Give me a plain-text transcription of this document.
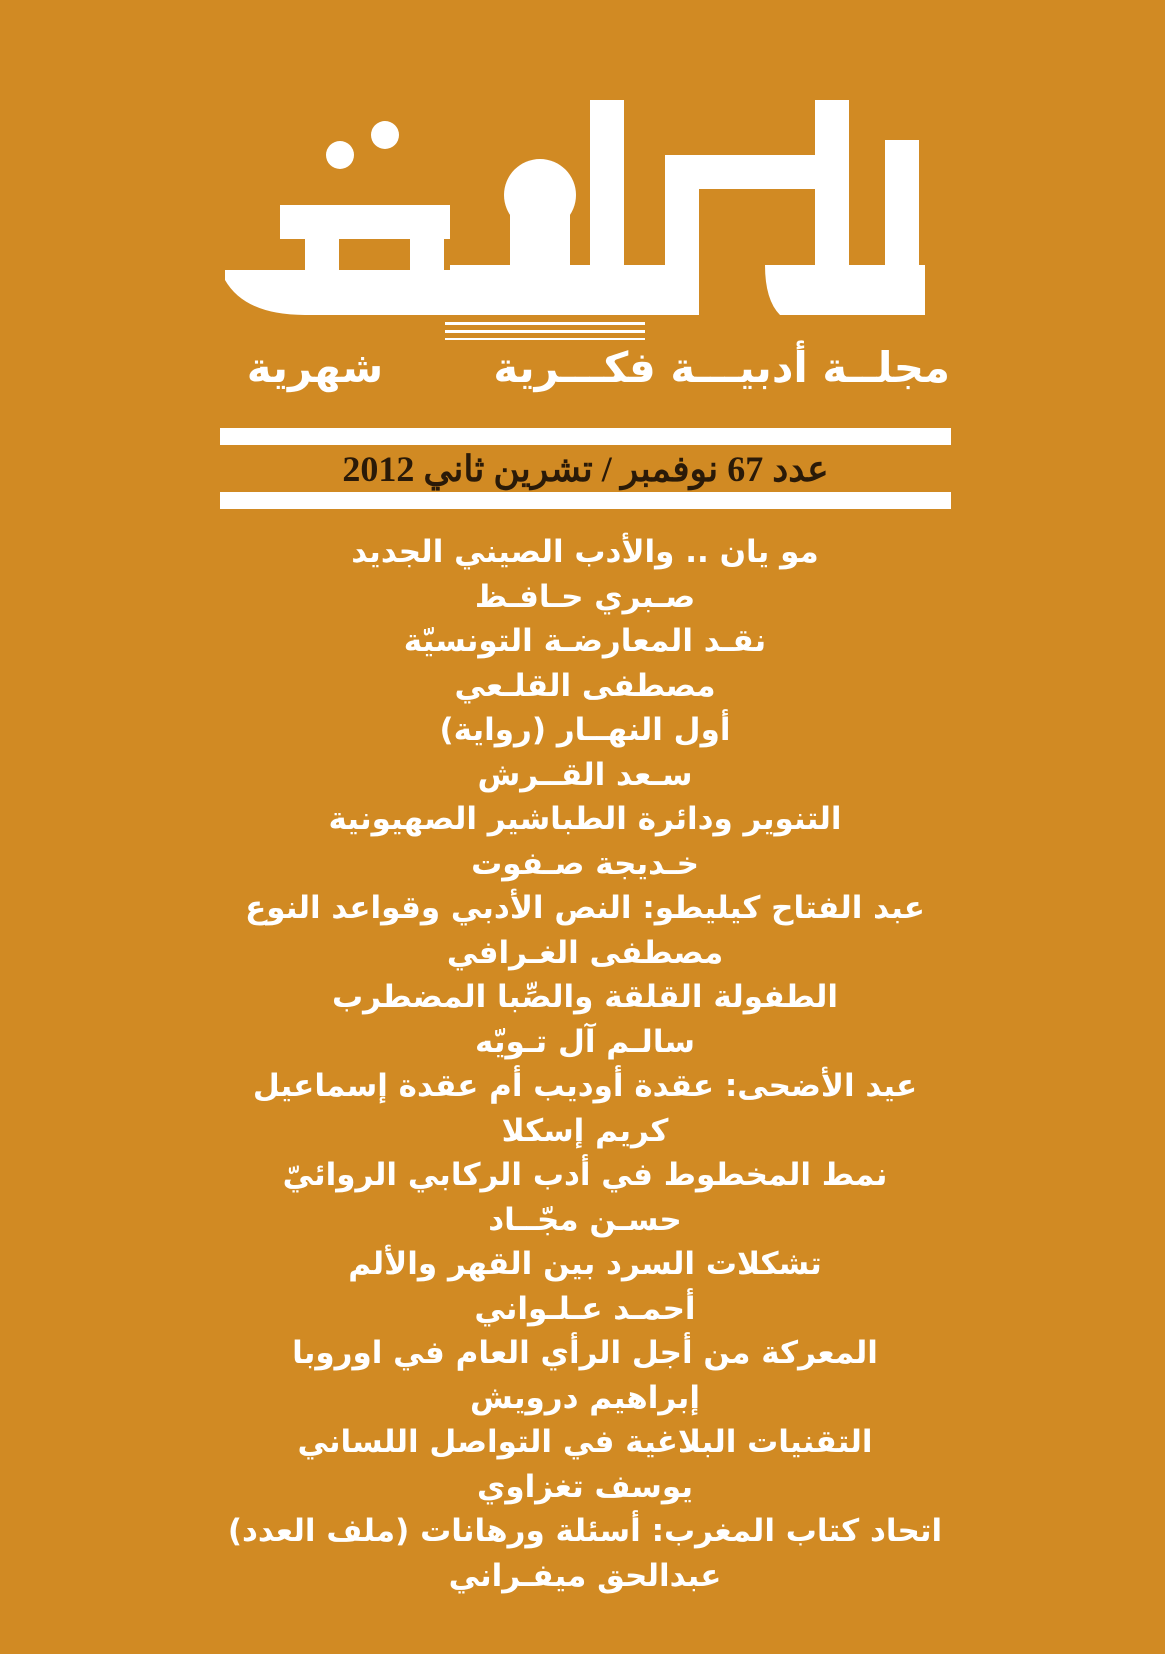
الكلمة
مجلــة أدبيـــة فكـــرية
شهرية
عدد 67 نوفمبر / تشرين ثاني 2012
مو يان .. والأدب الصيني الجديد
صـبري حـافـظ
نقـد المعارضـة التونسيّة
مصطفى القلـعي
أول النهــار (رواية)
سـعد القــرش
التنوير ودائرة الطباشير الصهيونية
خـديجة صـفوت
عبد الفتاح كيليطو: النص الأدبي وقواعد النوع
مصطفى الغـرافي
الطفولة القلقة والصِّبا المضطرب
سالـم آل تـويّه
عيد الأضحى: عقدة أوديب أم عقدة إسماعيل
كريم إسكلا
نمط المخطوط في أدب الركابي الروائيّ
حسـن مجّــاد
تشكلات السرد بين القهر والألم
أحمـد عـلـواني
المعركة من أجل الرأي العام في اوروبا
إبراهيم درويش
التقنيات البلاغية في التواصل اللساني
يوسف تغزاوي
اتحاد كتاب المغرب: أسئلة ورهانات (ملف العدد)
عبدالحق ميفـراني
